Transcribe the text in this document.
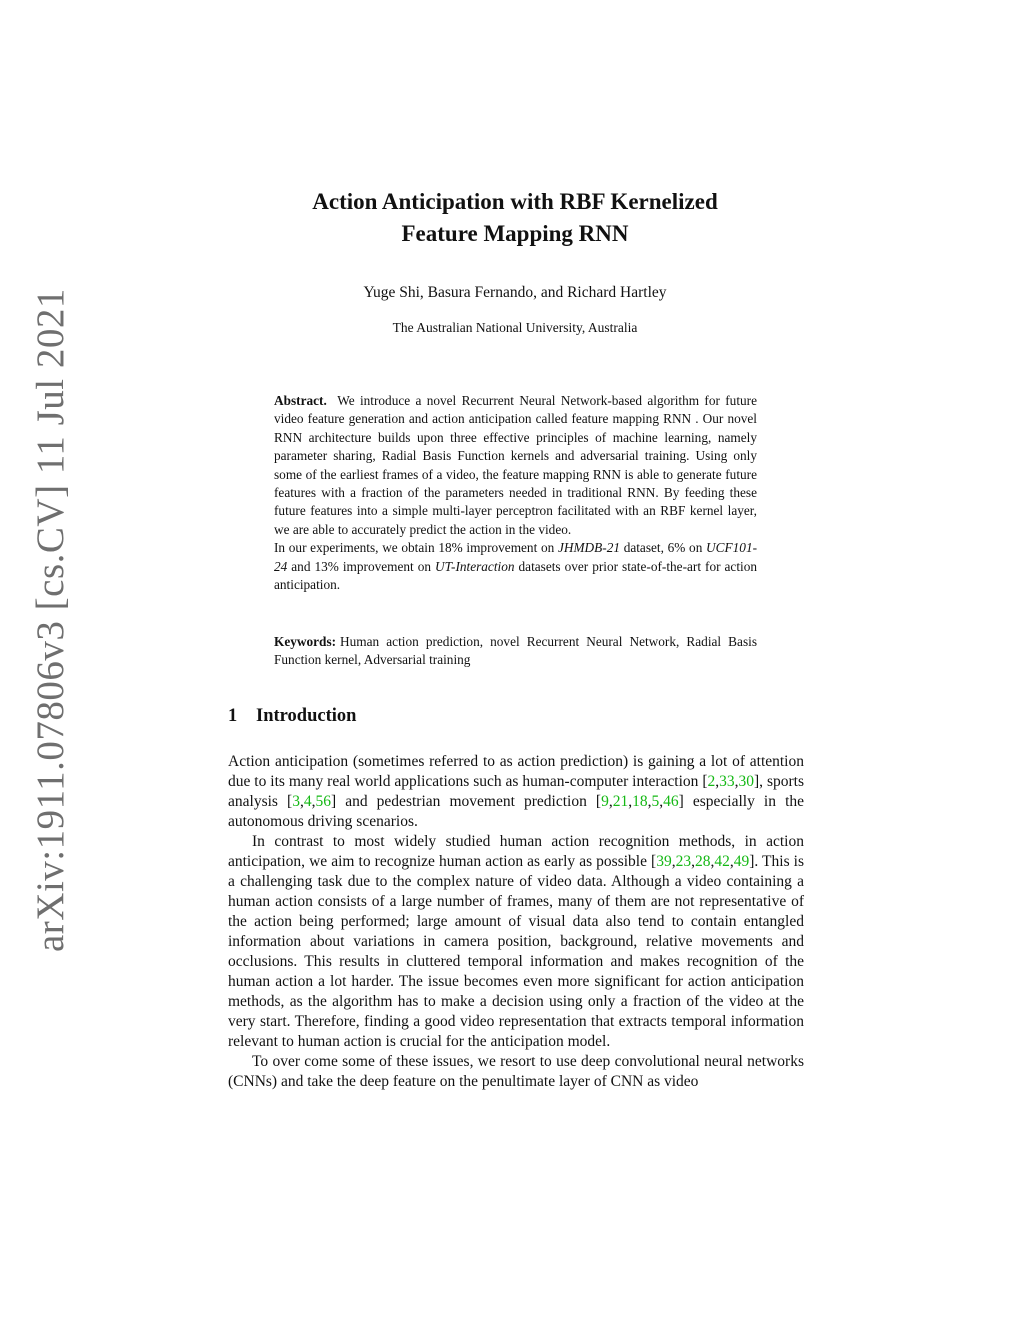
arXiv:1911.07806v3 [cs.CV] 11 Jul 2021
Action Anticipation with RBF Kernelized
Feature Mapping RNN
Yuge Shi, Basura Fernando, and Richard Hartley
The Australian National University, Australia

Abstract. We introduce a novel Recurrent Neural Network-based algorithm for future video feature generation and action anticipation called feature mapping RNN . Our novel RNN architecture builds upon three effective principles of machine learning, namely parameter sharing, Radial Basis Function kernels and adversarial training. Using only some of the earliest frames of a video, the feature mapping RNN is able to generate future features with a fraction of the parameters needed in traditional RNN. By feeding these future features into a simple multi-layer perceptron facilitated with an RBF kernel layer, we are able to accurately predict the action in the video.

In our experiments, we obtain 18% improvement on JHMDB-21 dataset, 6% on UCF101-24 and 13% improvement on UT-Interaction datasets over prior state-of-the-art for action anticipation.

Keywords: Human action prediction, novel Recurrent Neural Network, Radial Basis Function kernel, Adversarial training
1 Introduction

Action anticipation (sometimes referred to as action prediction) is gaining a lot of attention due to its many real world applications such as human-computer interaction [2,33,30], sports analysis [3,4,56] and pedestrian movement prediction [9,21,18,5,46] especially in the autonomous driving scenarios.

In contrast to most widely studied human action recognition methods, in action anticipation, we aim to recognize human action as early as possible [39,23,28,42,49]. This is a challenging task due to the complex nature of video data. Although a video containing a human action consists of a large number of frames, many of them are not representative of the action being performed; large amount of visual data also tend to contain entangled information about variations in camera position, background, relative movements and occlusions. This results in cluttered temporal information and makes recognition of the human action a lot harder. The issue becomes even more significant for action anticipation methods, as the algorithm has to make a decision using only a fraction of the video at the very start. Therefore, finding a good video representation that extracts temporal information relevant to human action is crucial for the anticipation model.

To over come some of these issues, we resort to use deep convolutional neural networks (CNNs) and take the deep feature on the penultimate layer of CNN as video
